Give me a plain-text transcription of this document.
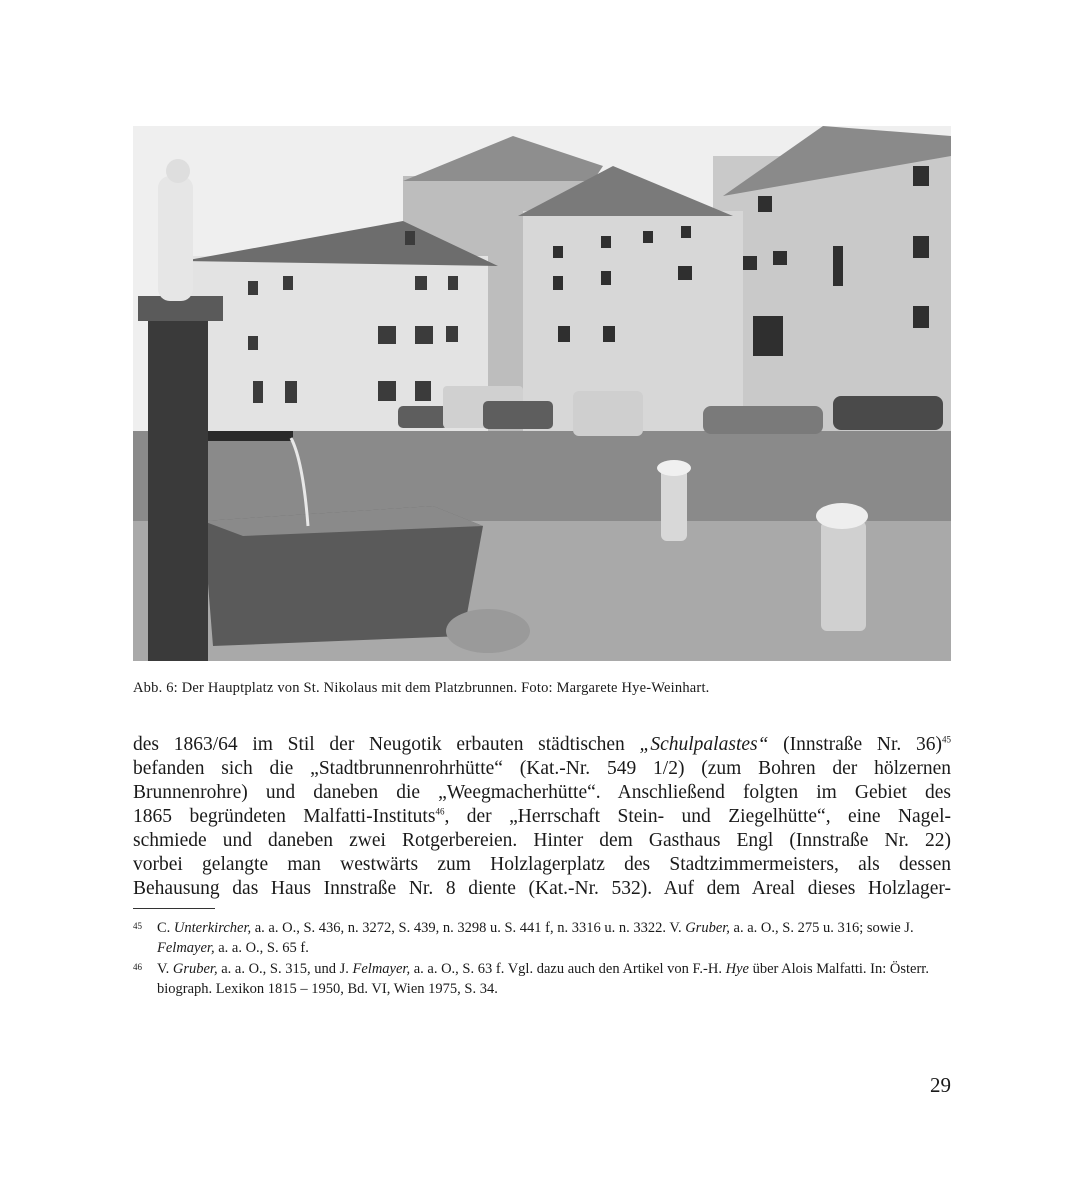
Abb. 6: Der Hauptplatz von St. Nikolaus mit dem Platzbrunnen. Foto: Margarete Hye-Weinhart.
des 1863/64 im Stil der Neugotik erbauten städtischen „Schulpalastes“ (Innstraße Nr. 36)$^{45}$
befanden sich die „Stadtbrunnenrohrhütte“ (Kat.-Nr. 549 1/2) (zum Bohren der hölzernen
Brunnenrohre) und daneben die „Weegmacherhütte“. Anschließend folgten im Gebiet des
1865 begründeten Malfatti-Instituts$^{46}$, der „Herrschaft Stein- und Ziegelhütte“, eine Nagel-
schmiede und daneben zwei Rotgerbereien. Hinter dem Gasthaus Engl (Innstraße Nr. 22)
vorbei gelangte man westwärts zum Holzlagerplatz des Stadtzimmermeisters, als dessen
Behausung das Haus Innstraße Nr. 8 diente (Kat.-Nr. 532). Auf dem Areal dieses Holzlager-
45 C. Unterkircher, a. a. O., S. 436, n. 3272, S. 439, n. 3298 u. S. 441 f, n. 3316 u. n. 3322. V. Gruber, a. a. O., S. 275 u. 316; sowie J. Felmayer, a. a. O., S. 65 f.
46 V. Gruber, a. a. O., S. 315, und J. Felmayer, a. a. O., S. 63 f. Vgl. dazu auch den Artikel von F.-H. Hye über Alois Malfatti. In: Österr. biograph. Lexikon 1815 – 1950, Bd. VI, Wien 1975, S. 34.
29
